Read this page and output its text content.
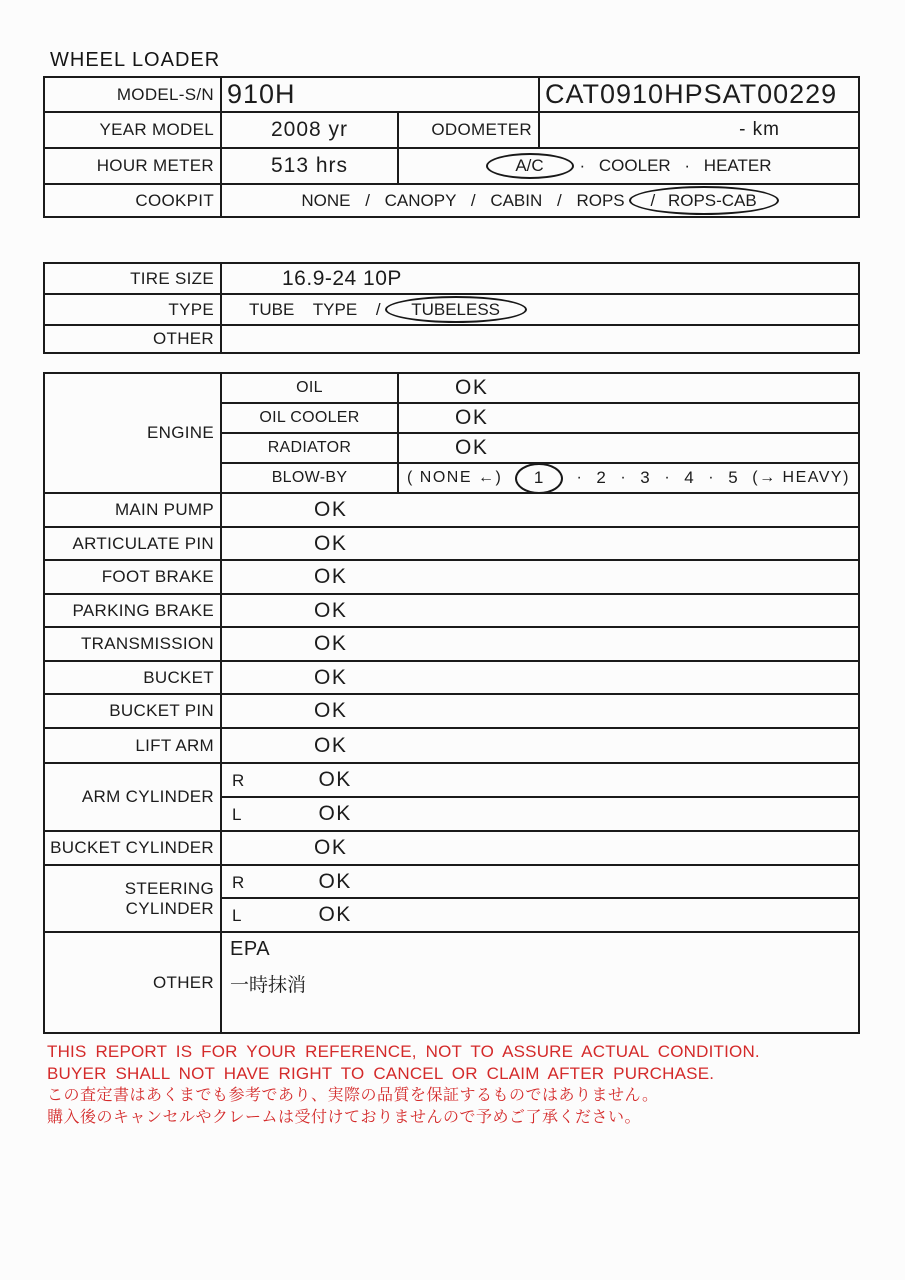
WHEEL LOADER
MODEL-S/N	910H		CAT0910HPSAT00229
YEAR MODEL	2008 yr	ODOMETER	- km
HOUR METER	513 hrs	A/C · COOLER · HEATER	

COOKPIT	NONE / CANOPY / CABIN / ROPS / ROPS-CAB		
TIRE SIZE	16.9-24 10P
TYPE	TUBE TYPE / TUBELESS

OTHER	
ENGINE	OIL	OK
	OIL COOLER	OK
	RADIATOR	OK
BLOW-BY	( NONE ←)	1	· 2 · 3 · 4 · 5 (→ HEAVY)

MAIN PUMP	OK	
ARTICULATE PIN	OK	
FOOT BRAKE	OK	
PARKING BRAKE	OK	
TRANSMISSION	OK	
BUCKET	OK	
BUCKET PIN	OK	
LIFT ARM	OK	
ARM CYLINDER	R OK	
	L OK	
BUCKET CYLINDER	OK	
STEERING CYLINDER	R OK	
	L OK	
OTHER	EPA
一時抹消	
THIS REPORT IS FOR YOUR REFERENCE, NOT TO ASSURE ACTUAL CONDITION.
BUYER SHALL NOT HAVE RIGHT TO CANCEL OR CLAIM AFTER PURCHASE.
この査定書はあくまでも参考であり、実際の品質を保証するものではありません。
購入後のキャンセルやクレームは受付けておりませんので予めご了承ください。
